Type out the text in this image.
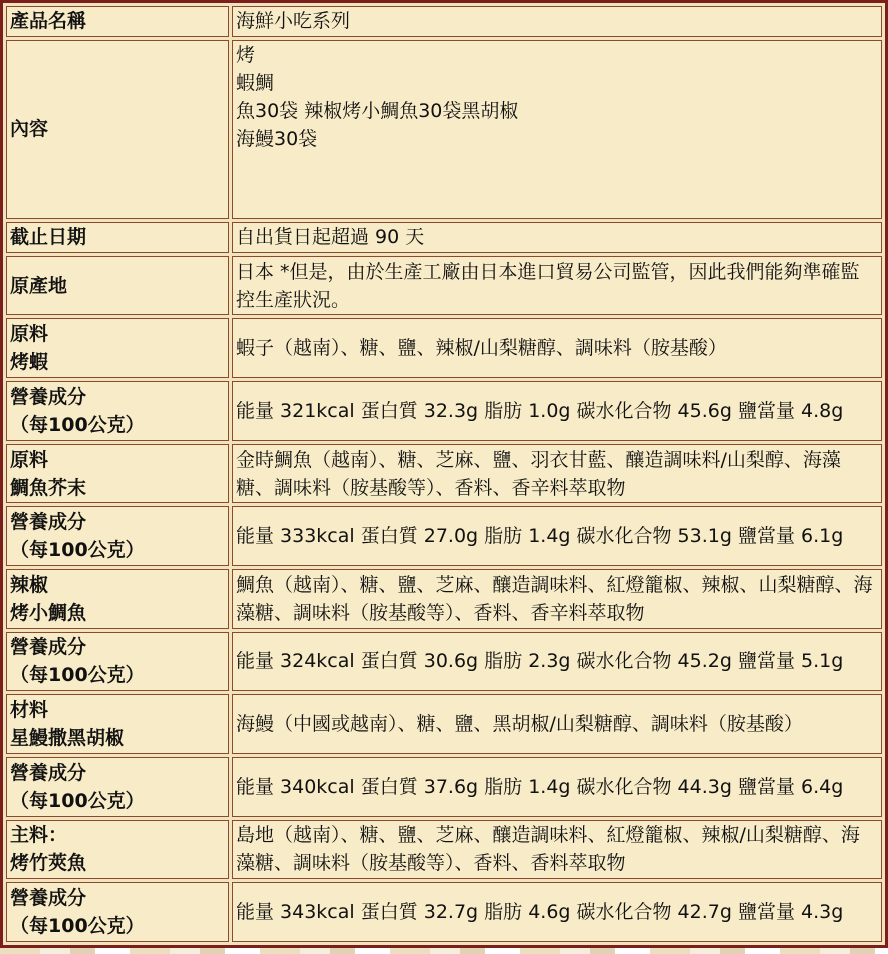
產品名稱	海鮮小吃系列

內容	烤
蝦鯛
魚30袋 辣椒烤小鯛魚30袋黑胡椒
海鰻30袋

截止日期	自出貨日起超過 90 天

原產地	日本 *但是，由於生產工廠由日本進口貿易公司監管，因此我們能夠準確監控生產狀況。

原料
烤蝦	蝦子（越南）、糖、鹽、辣椒/山梨糖醇、調味料（胺基酸）

營養成分
（每100公克）	能量 321kcal 蛋白質 32.3g 脂肪 1.0g 碳水化合物 45.6g 鹽當量 4.8g

原料
鯛魚芥末	金時鯛魚（越南）、糖、芝麻、鹽、羽衣甘藍、釀造調味料/山梨醇、海藻糖、調味料（胺基酸等）、香料、香辛料萃取物

營養成分
（每100公克）	能量 333kcal 蛋白質 27.0g 脂肪 1.4g 碳水化合物 53.1g 鹽當量 6.1g

辣椒
烤小鯛魚	鯛魚（越南）、糖、鹽、芝麻、釀造調味料、紅燈籠椒、辣椒、山梨糖醇、海藻糖、調味料（胺基酸等）、香料、香辛料萃取物

營養成分
（每100公克）	能量 324kcal 蛋白質 30.6g 脂肪 2.3g 碳水化合物 45.2g 鹽當量 5.1g

材料
星鰻撒黑胡椒	海鰻（中國或越南）、糖、鹽、黑胡椒/山梨糖醇、調味料（胺基酸）

營養成分
（每100公克）	能量 340kcal 蛋白質 37.6g 脂肪 1.4g 碳水化合物 44.3g 鹽當量 6.4g

主料：
烤竹莢魚	島地（越南）、糖、鹽、芝麻、釀造調味料、紅燈籠椒、辣椒/山梨糖醇、海藻糖、調味料（胺基酸等）、香料、香料萃取物

營養成分
（每100公克）	能量 343kcal 蛋白質 32.7g 脂肪 4.6g 碳水化合物 42.7g 鹽當量 4.3g
